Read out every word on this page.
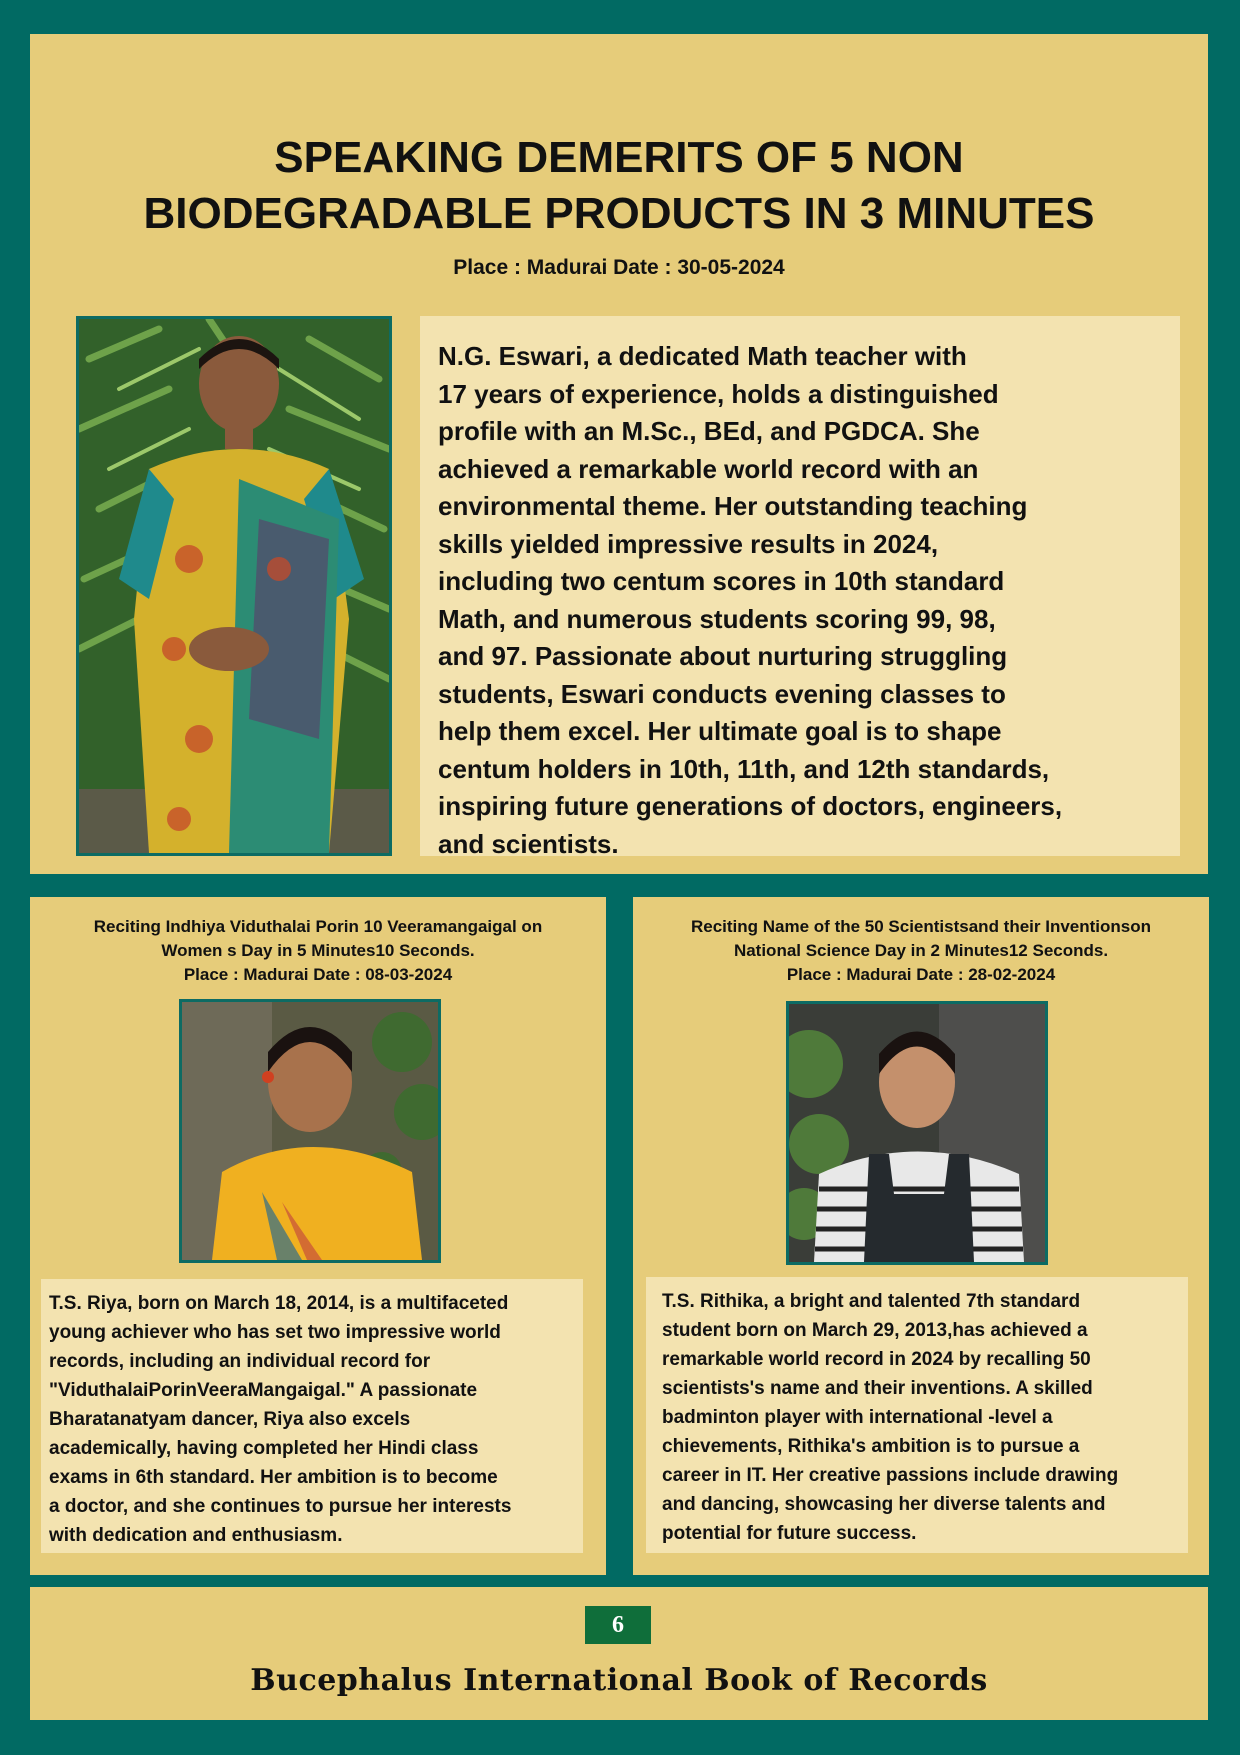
SPEAKING DEMERITS OF 5 NON
BIODEGRADABLE PRODUCTS IN 3 MINUTES
Place : Madurai Date : 30-05-2024
N.G. Eswari, a dedicated Math teacher with
17 years of experience, holds a distinguished
profile with an M.Sc., BEd, and PGDCA. She
achieved a remarkable world record with an
environmental theme. Her outstanding teaching
skills yielded impressive results in 2024,
including two centum scores in 10th standard
Math, and numerous students scoring 99, 98,
and 97. Passionate about nurturing struggling
students, Eswari conducts evening classes to
help them excel. Her ultimate goal is to shape
centum holders in 10th, 11th, and 12th standards,
inspiring future generations of doctors, engineers,
and scientists.
Reciting Indhiya Viduthalai Porin 10 Veeramangaigal on
Women s Day in 5 Minutes10 Seconds.
Place : Madurai Date : 08-03-2024
T.S. Riya, born on March 18, 2014, is a multifaceted
young achiever who has set two impressive world
records, including an individual record for
"ViduthalaiPorinVeeraMangaigal." A passionate
Bharatanatyam dancer, Riya also excels
academically, having completed her Hindi class
exams in 6th standard. Her ambition is to become
a doctor, and she continues to pursue her interests
with dedication and enthusiasm.
Reciting Name of the 50 Scientistsand their Inventionson
National Science Day in 2 Minutes12 Seconds.
Place : Madurai Date : 28-02-2024
T.S. Rithika, a bright and talented 7th standard
student born on March 29, 2013,has achieved a
remarkable world record in 2024 by recalling 50
scientists's name and their inventions. A skilled
badminton player with international -level a
chievements, Rithika's ambition is to pursue a
career in IT. Her creative passions include drawing
and dancing, showcasing her diverse talents and
potential for future success.
6
Bucephalus International Book of Records
